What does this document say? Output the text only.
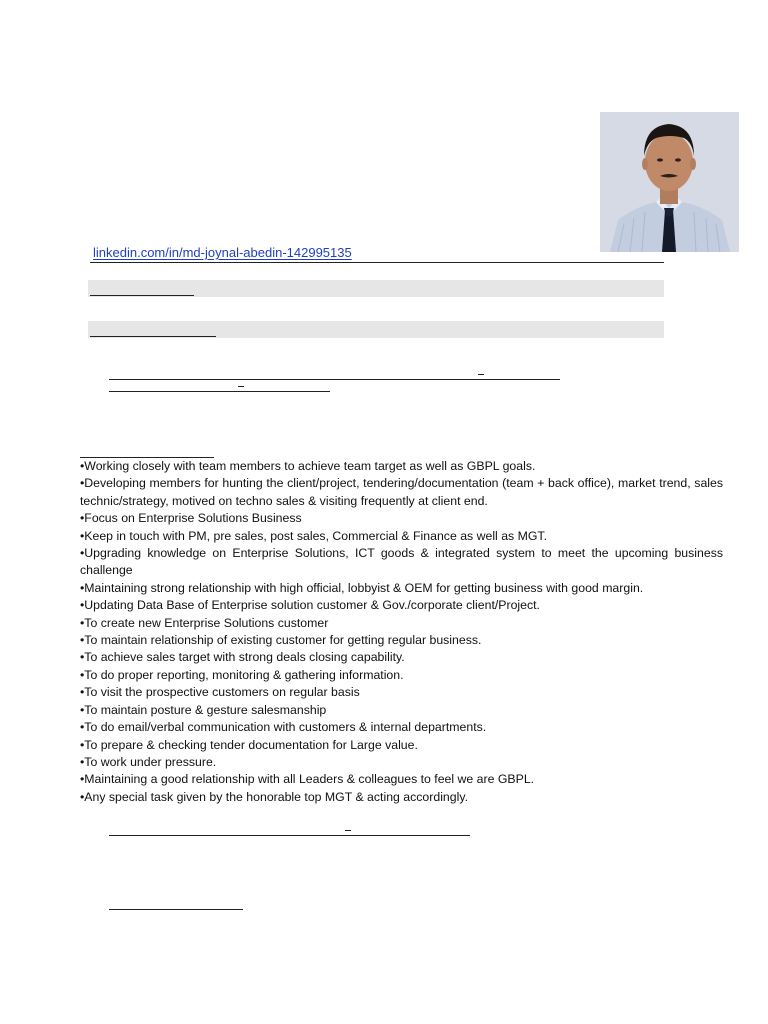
linkedin.com/in/md-joynal-abedin-142995135

•Working closely with team members to achieve team target as well as GBPL goals.

•Developing members for hunting the client/project, tendering/documentation (team + back office), market trend, sales technic/strategy, motived on techno sales & visiting frequently at client end.

•Focus on Enterprise Solutions Business

•Keep in touch with PM, pre sales, post sales, Commercial & Finance as well as MGT.

•Upgrading knowledge on Enterprise Solutions, ICT goods & integrated system to meet the upcoming business challenge

•Maintaining strong relationship with high official, lobbyist & OEM for getting business with good margin.

•Updating Data Base of Enterprise solution customer & Gov./corporate client/Project.

•To create new Enterprise Solutions customer

•To maintain relationship of existing customer for getting regular business.

•To achieve sales target with strong deals closing capability.

•To do proper reporting, monitoring & gathering information.

•To visit the prospective customers on regular basis

•To maintain posture & gesture salesmanship

•To do email/verbal communication with customers & internal departments.

•To prepare & checking tender documentation for Large value.

•To work under pressure.

•Maintaining a good relationship with all Leaders & colleagues to feel we are GBPL.

•Any special task given by the honorable top MGT & acting accordingly.
